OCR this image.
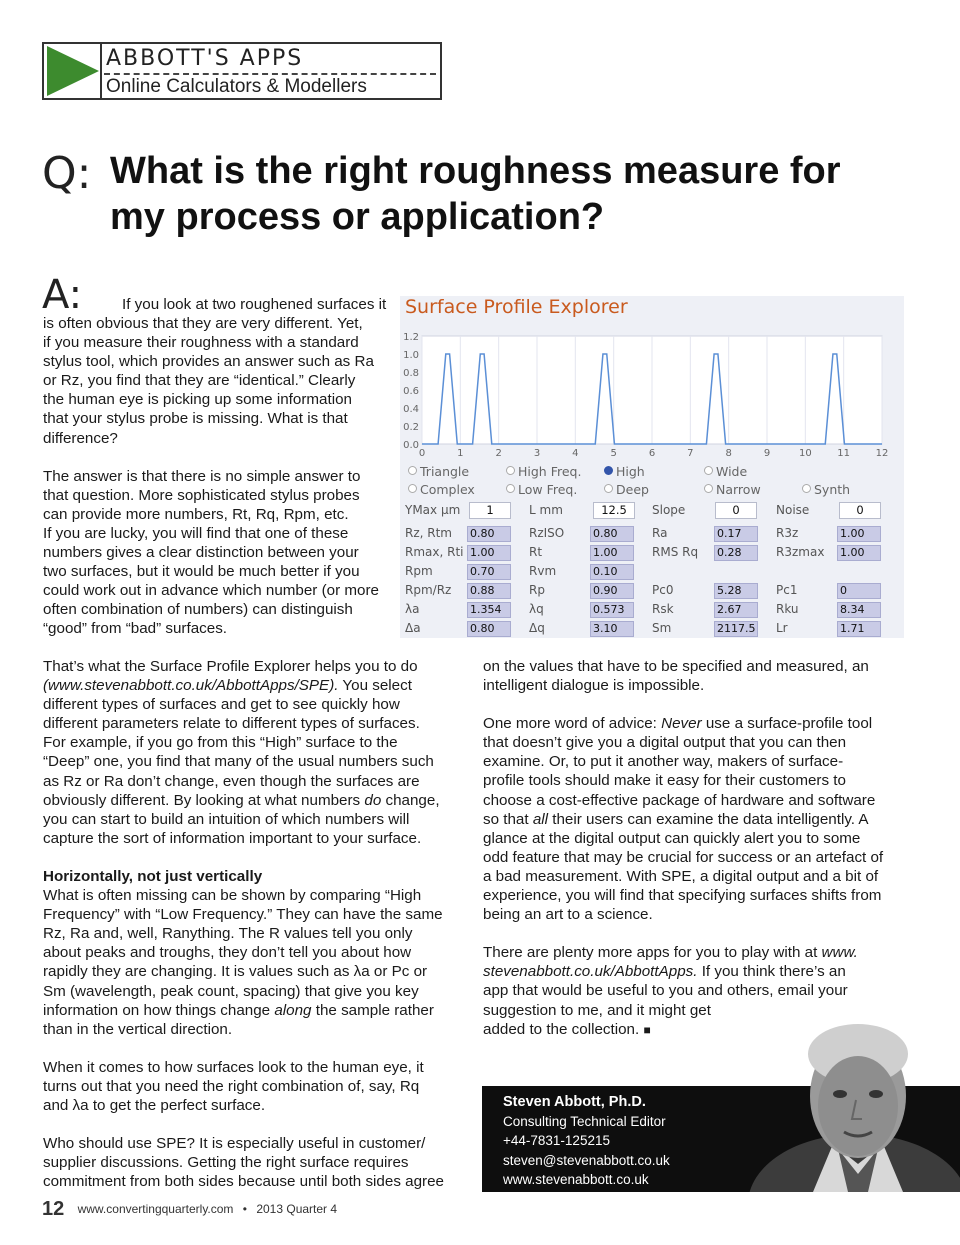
ABBOTT'S APPS
Online Calculators & Modellers
Q: What is the right roughness measure for my process or application?
A:	If you look at two roughened surfaces it

is often obvious that they are very different. Yet,

if you measure their roughness with a standard

stylus tool, which provides an answer such as Ra

or Rz, you find that they are “identical.” Clearly

the human eye is picking up some information

that your stylus probe is missing. What is that

difference?

The answer is that there is no simple answer to

that question. More sophisticated stylus probes

can provide more numbers, Rt, Rq, Rpm, etc.

If you are lucky, you will find that one of these

numbers gives a clear distinction between your

two surfaces, but it would be much better if you

could work out in advance which number (or more

often combination of numbers) can distinguish

“good” from “bad” surfaces.

Surface Profile Explorer
0	1	2	3	4	5	6	7	8	9	10	11	12
0.0
0.2
0.4
0.6
0.8
1.0
1.2
Triangle
Complex
High Freq.
Low Freq.
High
Deep
Wide
Narrow	Synth
YMax µm	1	L mm	12.5	Slope	0	Noise	0
Rz, Rtm 0.80	RzISO	0.80	Ra	0.17	R3z	1.00
Rmax, Rti 1.00	Rt	1.00	RMS Rq 0.28	R3zmax 1.00
Rpm	0.70	Rvm	0.10
Rpm/Rz 0.88	Rp	0.90	Pc0	5.28	Pc1	0
λa	1.354	λq	0.573	Rsk	2.67	Rku	8.34
Δa	0.80	Δq	3.10	Sm	2117.5 Lr	1.71

That’s what the Surface Profile Explorer helps you to do

(www.stevenabbott.co.uk/AbbottApps/SPE). You select

different types of surfaces and get to see quickly how

different parameters relate to different types of surfaces.

For example, if you go from this “High” surface to the

“Deep” one, you find that many of the usual numbers such

as Rz or Ra don’t change, even though the surfaces are

obviously different. By looking at what numbers do change,

you can start to build an intuition of which numbers will

capture the sort of information important to your surface.

Horizontally, not just vertically

What is often missing can be shown by comparing “High

Frequency” with “Low Frequency.” They can have the same

Rz, Ra and, well, Ranything. The R values tell you only

about peaks and troughs, they don’t tell you about how

rapidly they are changing. It is values such as λa or Pc or

Sm (wavelength, peak count, spacing) that give you key

information on how things change along the sample rather

than in the vertical direction.

When it comes to how surfaces look to the human eye, it

turns out that you need the right combination of, say, Rq

and λa to get the perfect surface.

Who should use SPE? It is especially useful in customer/

supplier discussions. Getting the right surface requires

commitment from both sides because until both sides agree

on the values that have to be specified and measured, an

intelligent dialogue is impossible.

One more word of advice: Never use a surface-profile tool

that doesn’t give you a digital output that you can then

examine. Or, to put it another way, makers of surface-

profile tools should make it easy for their customers to

choose a cost-effective package of hardware and software

so that all their users can examine the data intelligently. A

glance at the digital output can quickly alert you to some

odd feature that may be crucial for success or an artefact of

a bad measurement. With SPE, a digital output and a bit of

experience, you will find that specifying surfaces shifts from

being an art to a science.

There are plenty more apps for you to play with at www.

stevenabbott.co.uk/AbbottApps. If you think there’s an

app that would be useful to you and others, email your

suggestion to me, and it might get

added to the collection. ■

Steven Abbott, Ph.D.
Consulting Technical Editor
+44-7831-125215
steven@stevenabbott.co.uk
www.stevenabbott.co.uk
12 www.convertingquarterly.com • 2013 Quarter 4
